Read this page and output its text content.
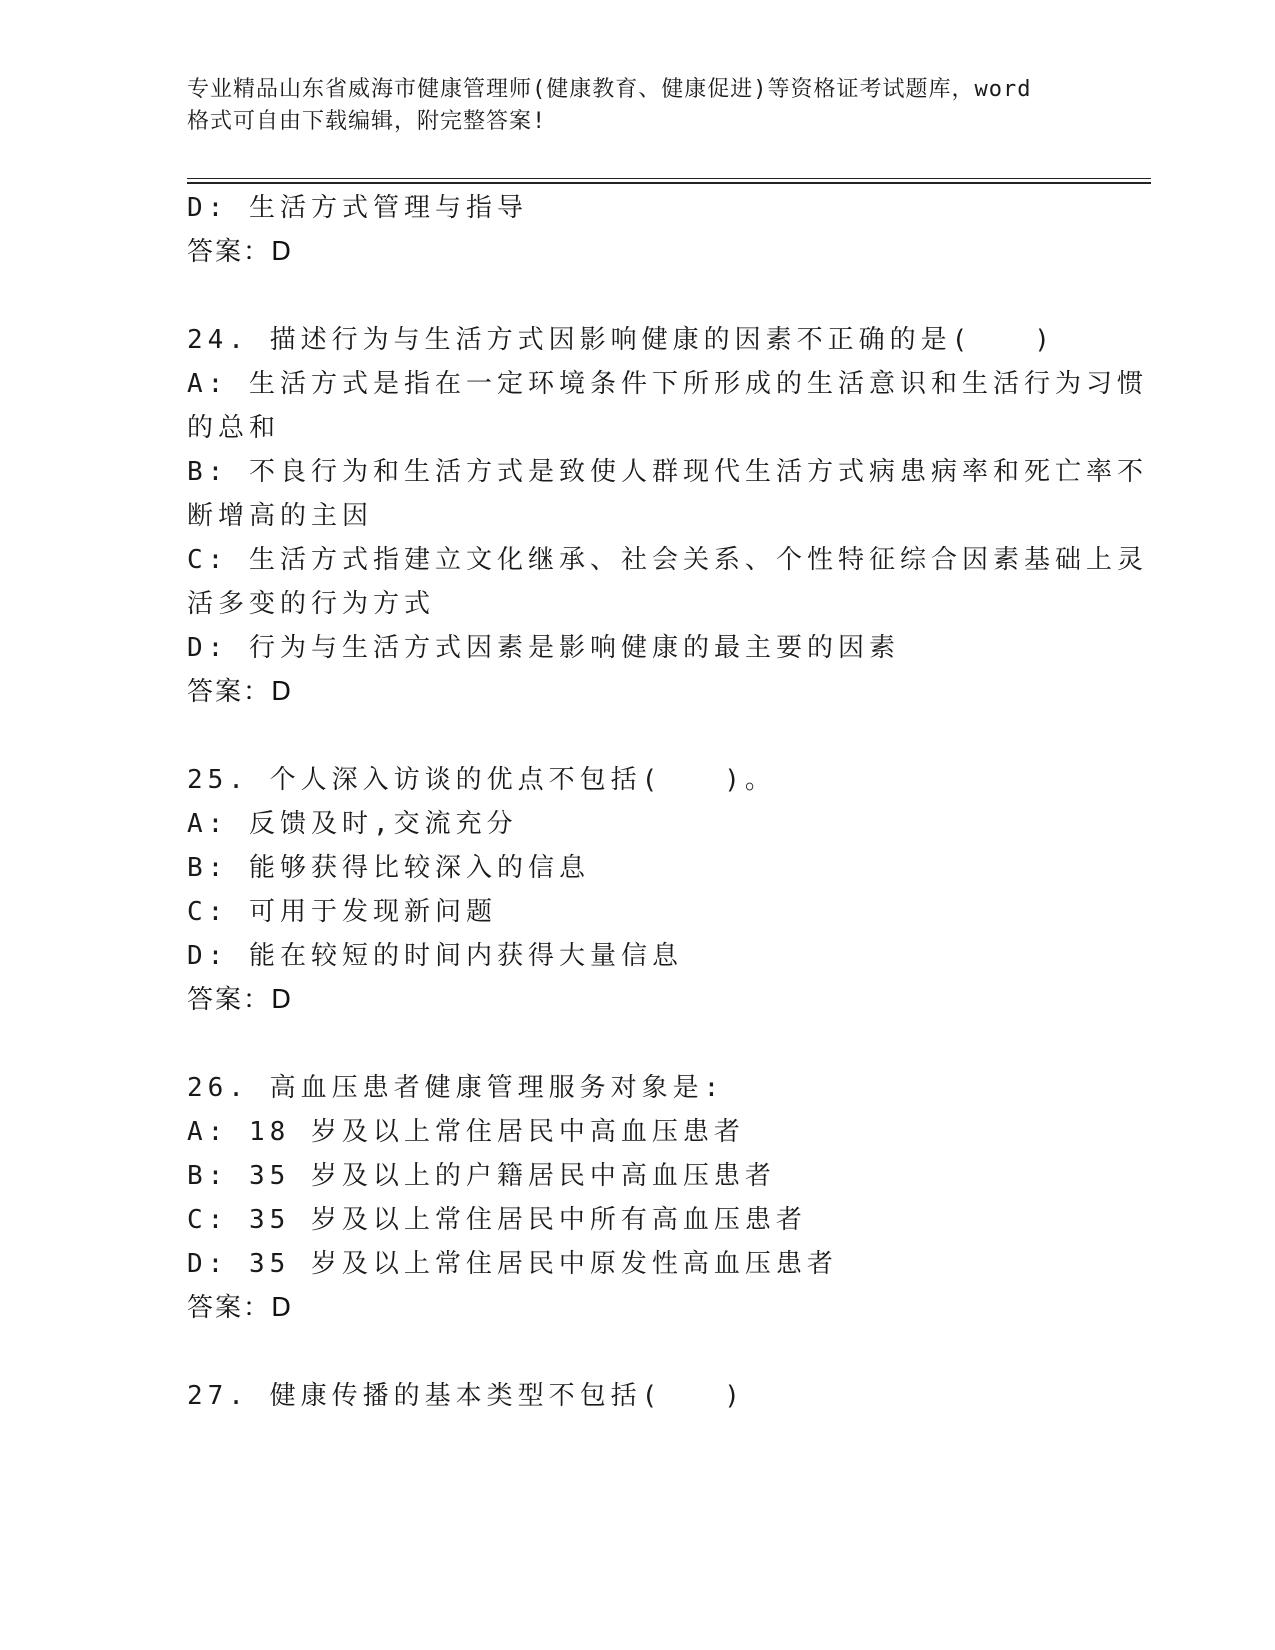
专业精品山东省威海市健康管理师(健康教育、健康促进)等资格证考试题库，word
格式可自由下载编辑，附完整答案!
D: 生活方式管理与指导
答案：D
24. 描述行为与生活方式因影响健康的因素不正确的是(　　)
A: 生活方式是指在一定环境条件下所形成的生活意识和生活行为习惯
的总和
B: 不良行为和生活方式是致使人群现代生活方式病患病率和死亡率不
断增高的主因
C: 生活方式指建立文化继承、社会关系、个性特征综合因素基础上灵
活多变的行为方式
D: 行为与生活方式因素是影响健康的最主要的因素
答案：D
25. 个人深入访谈的优点不包括(　　)。
A: 反馈及时,交流充分
B: 能够获得比较深入的信息
C: 可用于发现新问题
D: 能在较短的时间内获得大量信息
答案：D
26. 高血压患者健康管理服务对象是:
A: 18 岁及以上常住居民中高血压患者
B: 35 岁及以上的户籍居民中高血压患者
C: 35 岁及以上常住居民中所有高血压患者
D: 35 岁及以上常住居民中原发性高血压患者
答案：D
27. 健康传播的基本类型不包括(　　)
